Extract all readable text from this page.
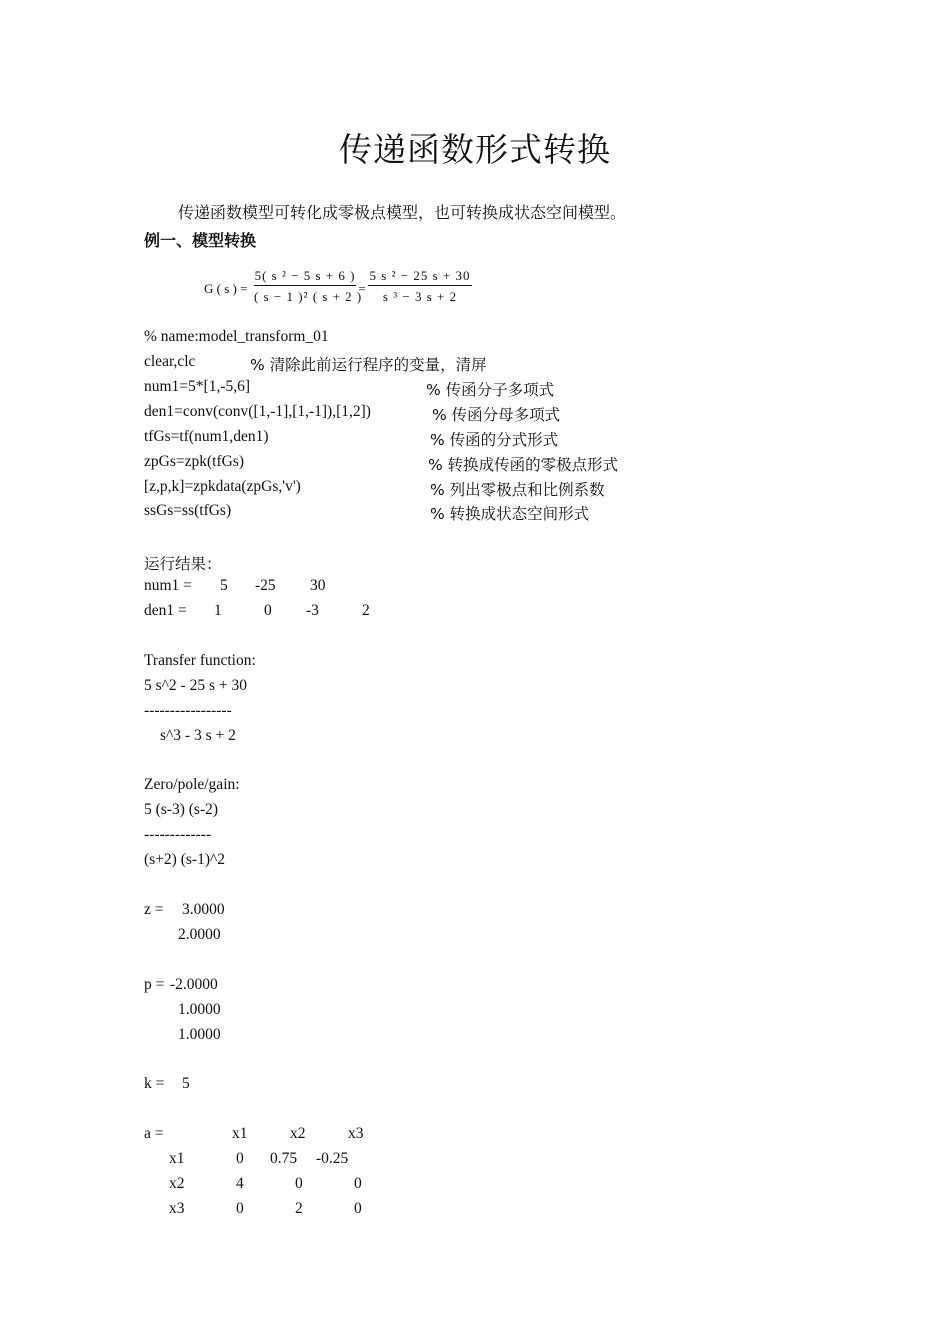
传递函数形式转换
传递函数模型可转化成零极点模型，也可转换成状态空间模型。
例一、模型转换
G ( s ) = $\frac{\text{5( s ² − 5 s + 6 )}}{\text{( s − 1 )² ( s + 2 )}} = \frac{\text{5 s ² − 25 s + 30}}{\text{s ³ − 3 s + 2}}$
% name:model_transform_01
clear,clc	% 清除此前运行程序的变量，清屏
num1=5*[1,-5,6]	% 传函分子多项式
den1=conv(conv([1,-1],[1,-1]),[1,2])	% 传函分母多项式
tfGs=tf(num1,den1)	% 传函的分式形式
zpGs=zpk(tfGs)	% 转换成传函的零极点形式
[z,p,k]=zpkdata(zpGs,'v')	% 列出零极点和比例系数
ssGs=ss(tfGs)	% 转换成状态空间形式
运行结果：
num1 = 5 -25 30
den1 = 1	0 -3	2
Transfer function:
5 s^2 - 25 s + 30
-----------------
s^3 - 3 s + 2
Zero/pole/gain:
5 (s-3) (s-2)
-------------
(s+2) (s-1)^2
z = 3.0000
2.0000
p = -2.0000
1.0000
1.0000
k = 5
a =	x1	x2	x3
x1	0 0.75 -0.25
x2	4	0	0
x3	0	2	0
